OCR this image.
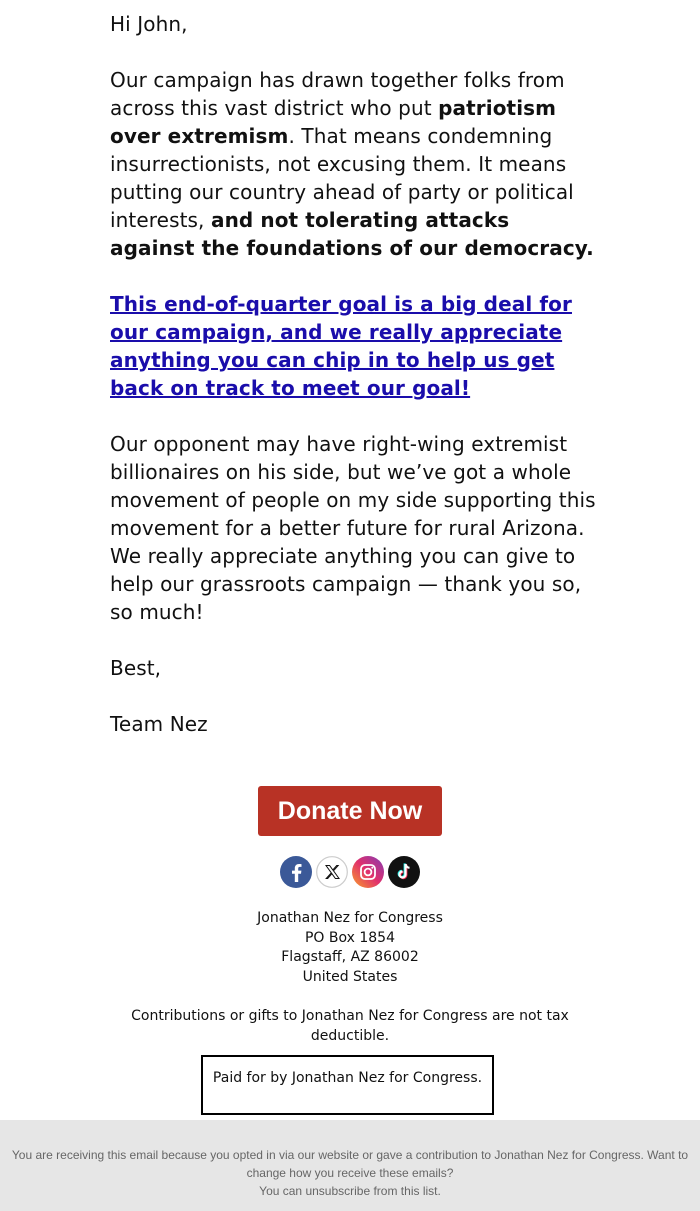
Hi John,

Our campaign has drawn together folks from across this vast district who put patriotism over extremism. That means condemning insurrectionists, not excusing them. It means putting our country ahead of party or political interests, and not tolerating attacks against the foundations of our democracy.

This end-of-quarter goal is a big deal for our campaign, and we really appreciate anything you can chip in to help us get back on track to meet our goal!

Our opponent may have right-wing extremist billionaires on his side, but we’ve got a whole movement of people on my side supporting this movement for a better future for rural Arizona. We really appreciate anything you can give to help our grassroots campaign — thank you so, so much!

Best,

Team Nez

Donate Now

Jonathan Nez for Congress
PO Box 1854
Flagstaff, AZ 86002
United States
Contributions or gifts to Jonathan Nez for Congress are not tax deductible.
Paid for by Jonathan Nez for Congress.
You are receiving this email because you opted in via our website or gave a contribution to Jonathan Nez for Congress. Want to change how you receive these emails?
You can unsubscribe from this list.
